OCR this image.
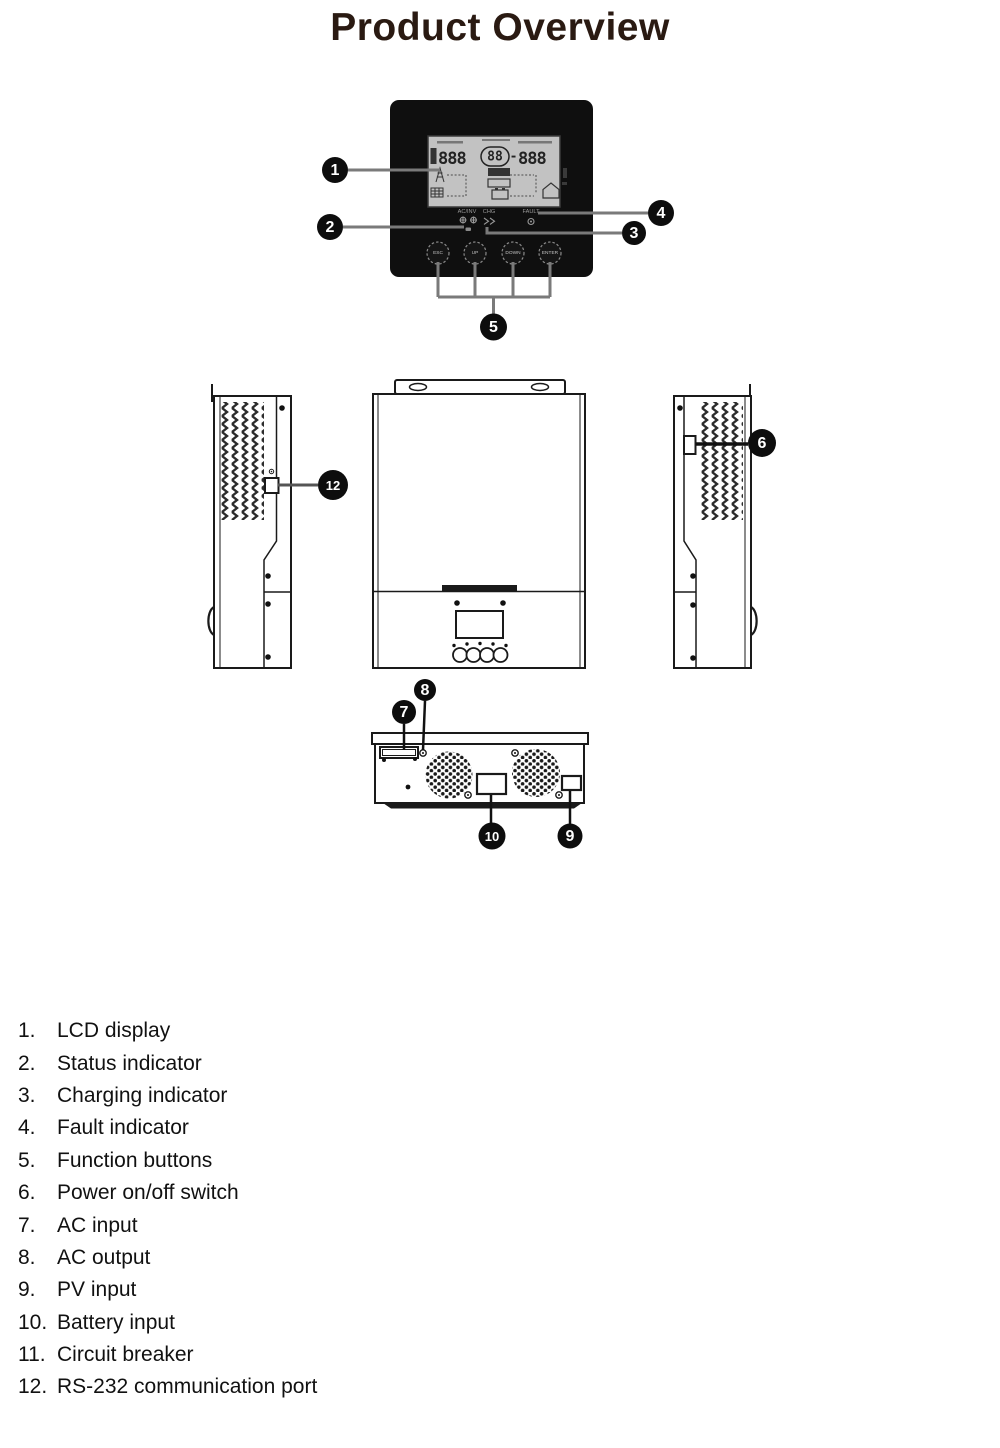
Product Overview
888 88 - 888
AC/INV CHG	FAULT
ESC	UP	DOWN	ENTER
1
2	3
4
5
12
6
7
8
9
10
1.	LCD display
2.	Status indicator
3.	Charging indicator
4.	Fault indicator
5.	Function buttons
6.	Power on/off switch
7.	AC input
8.	AC output
9.	PV input
10. Battery input
11. Circuit breaker
12. RS-232 communication port
